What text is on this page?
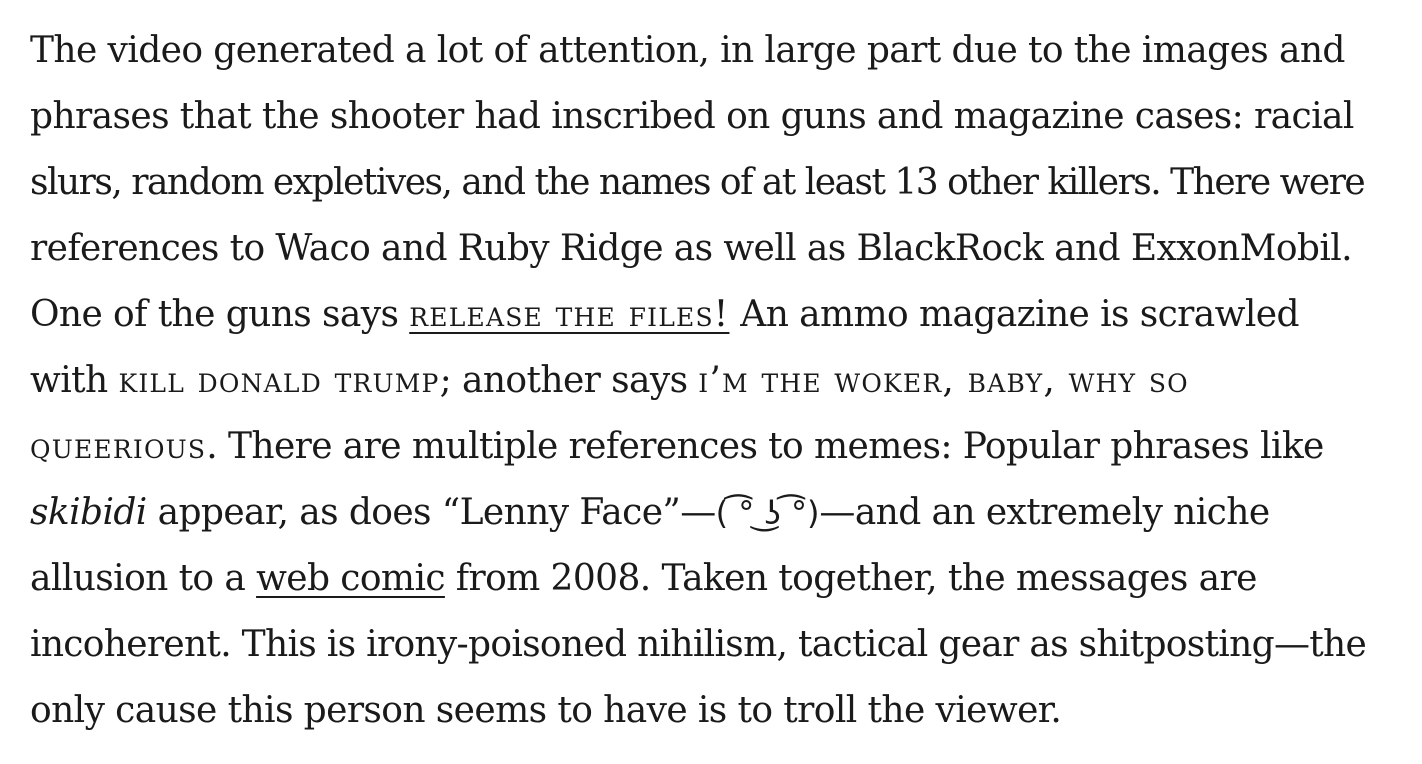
The video generated a lot of attention, in large part due to the images and
phrases that the shooter had inscribed on guns and magazine cases: racial
slurs, random expletives, and the names of at least 13 other killers. There were
references to Waco and Ruby Ridge as well as BlackRock and ExxonMobil.
One of the guns says release the files! An ammo magazine is scrawled
with kill donald trump; another says i’m the woker, baby, why so
queerious. There are multiple references to memes: Popular phrases like
skibidi appear, as does “Lenny Face”—( ͡° ͜ʖ ͡°)—and an extremely niche
allusion to a web comic from 2008. Taken together, the messages are
incoherent. This is irony-poisoned nihilism, tactical gear as shitposting—the
only cause this person seems to have is to troll the viewer.
